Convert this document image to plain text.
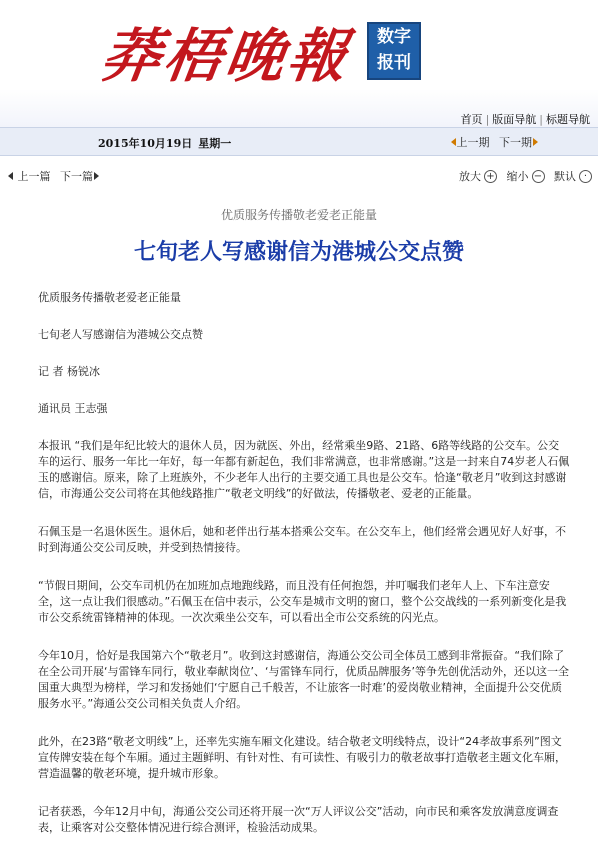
莽梧晚報	数字
报刊
首页 | 版面导航 | 标题导航
2015年10月19日 星期一	上一期 下一期
上一篇 下一篇	放大 +
缩小 −
默认 ·
优质服务传播敬老爱老正能量
七旬老人写感谢信为港城公交点赞

优质服务传播敬老爱老正能量

七旬老人写感谢信为港城公交点赞

记 者 杨锐冰

通讯员 王志强

本报讯 “我们是年纪比较大的退休人员，因为就医、外出，经常乘坐9路、21路、6路等线路的公交车。公交车的运行、服务一年比一年好，每一年都有新起色，我们非常满意，也非常感谢。”这是一封来自74岁老人石佩玉的感谢信。原来，除了上班族外，不少老年人出行的主要交通工具也是公交车。恰逢“敬老月”收到这封感谢信，市海通公交公司将在其他线路推广“敬老文明线”的好做法，传播敬老、爱老的正能量。

石佩玉是一名退休医生。退休后，她和老伴出行基本搭乘公交车。在公交车上，他们经常会遇见好人好事，不时到海通公交公司反映，并受到热情接待。

“节假日期间，公交车司机仍在加班加点地跑线路，而且没有任何抱怨，并叮嘱我们老年人上、下车注意安全，这一点让我们很感动。”石佩玉在信中表示，公交车是城市文明的窗口，整个公交战线的一系列新变化是我市公交系统雷锋精神的体现。一次次乘坐公交车，可以看出全市公交系统的闪光点。

今年10月，恰好是我国第六个“敬老月”。收到这封感谢信，海通公交公司全体员工感到非常振奋。“我们除了在全公司开展‘与雷锋车同行，敬业奉献岗位’、‘与雷锋车同行，优质品牌服务’等争先创优活动外，还以这一全国重大典型为榜样，学习和发扬她们‘宁愿自己千般苦，不让旅客一时难’的爱岗敬业精神，全面提升公交优质服务水平。”海通公交公司相关负责人介绍。

此外，在23路“敬老文明线”上，还率先实施车厢文化建设。结合敬老文明线特点，设计“24孝故事系列”图文宣传牌安装在每个车厢。通过主题鲜明、有针对性、有可读性、有吸引力的敬老故事打造敬老主题文化车厢，营造温馨的敬老环境，提升城市形象。

记者获悉，今年12月中旬，海通公交公司还将开展一次“万人评议公交”活动，向市民和乘客发放满意度调查表，让乘客对公交整体情况进行综合测评，检验活动成果。
